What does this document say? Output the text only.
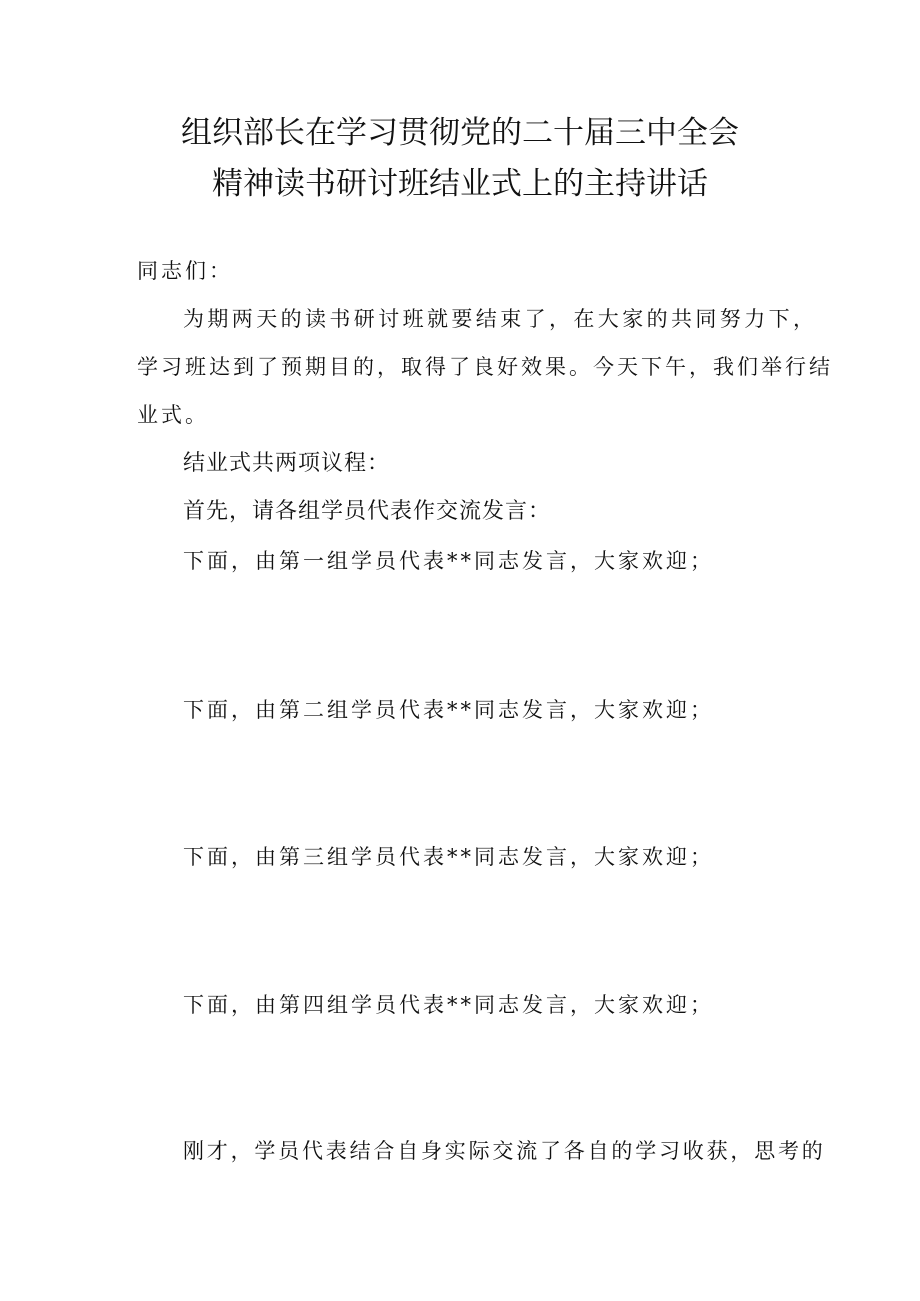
组织部长在学习贯彻党的二十届三中全会
精神读书研讨班结业式上的主持讲话
同志们：
为期两天的读书研讨班就要结束了，在大家的共同努力下，
学习班达到了预期目的，取得了良好效果。今天下午，我们举行结
业式。
结业式共两项议程：
首先，请各组学员代表作交流发言：
下面，由第一组学员代表**同志发言，大家欢迎；
下面，由第二组学员代表**同志发言，大家欢迎；
下面，由第三组学员代表**同志发言，大家欢迎；
下面，由第四组学员代表**同志发言，大家欢迎；
刚才，学员代表结合自身实际交流了各自的学习收获，思考的
